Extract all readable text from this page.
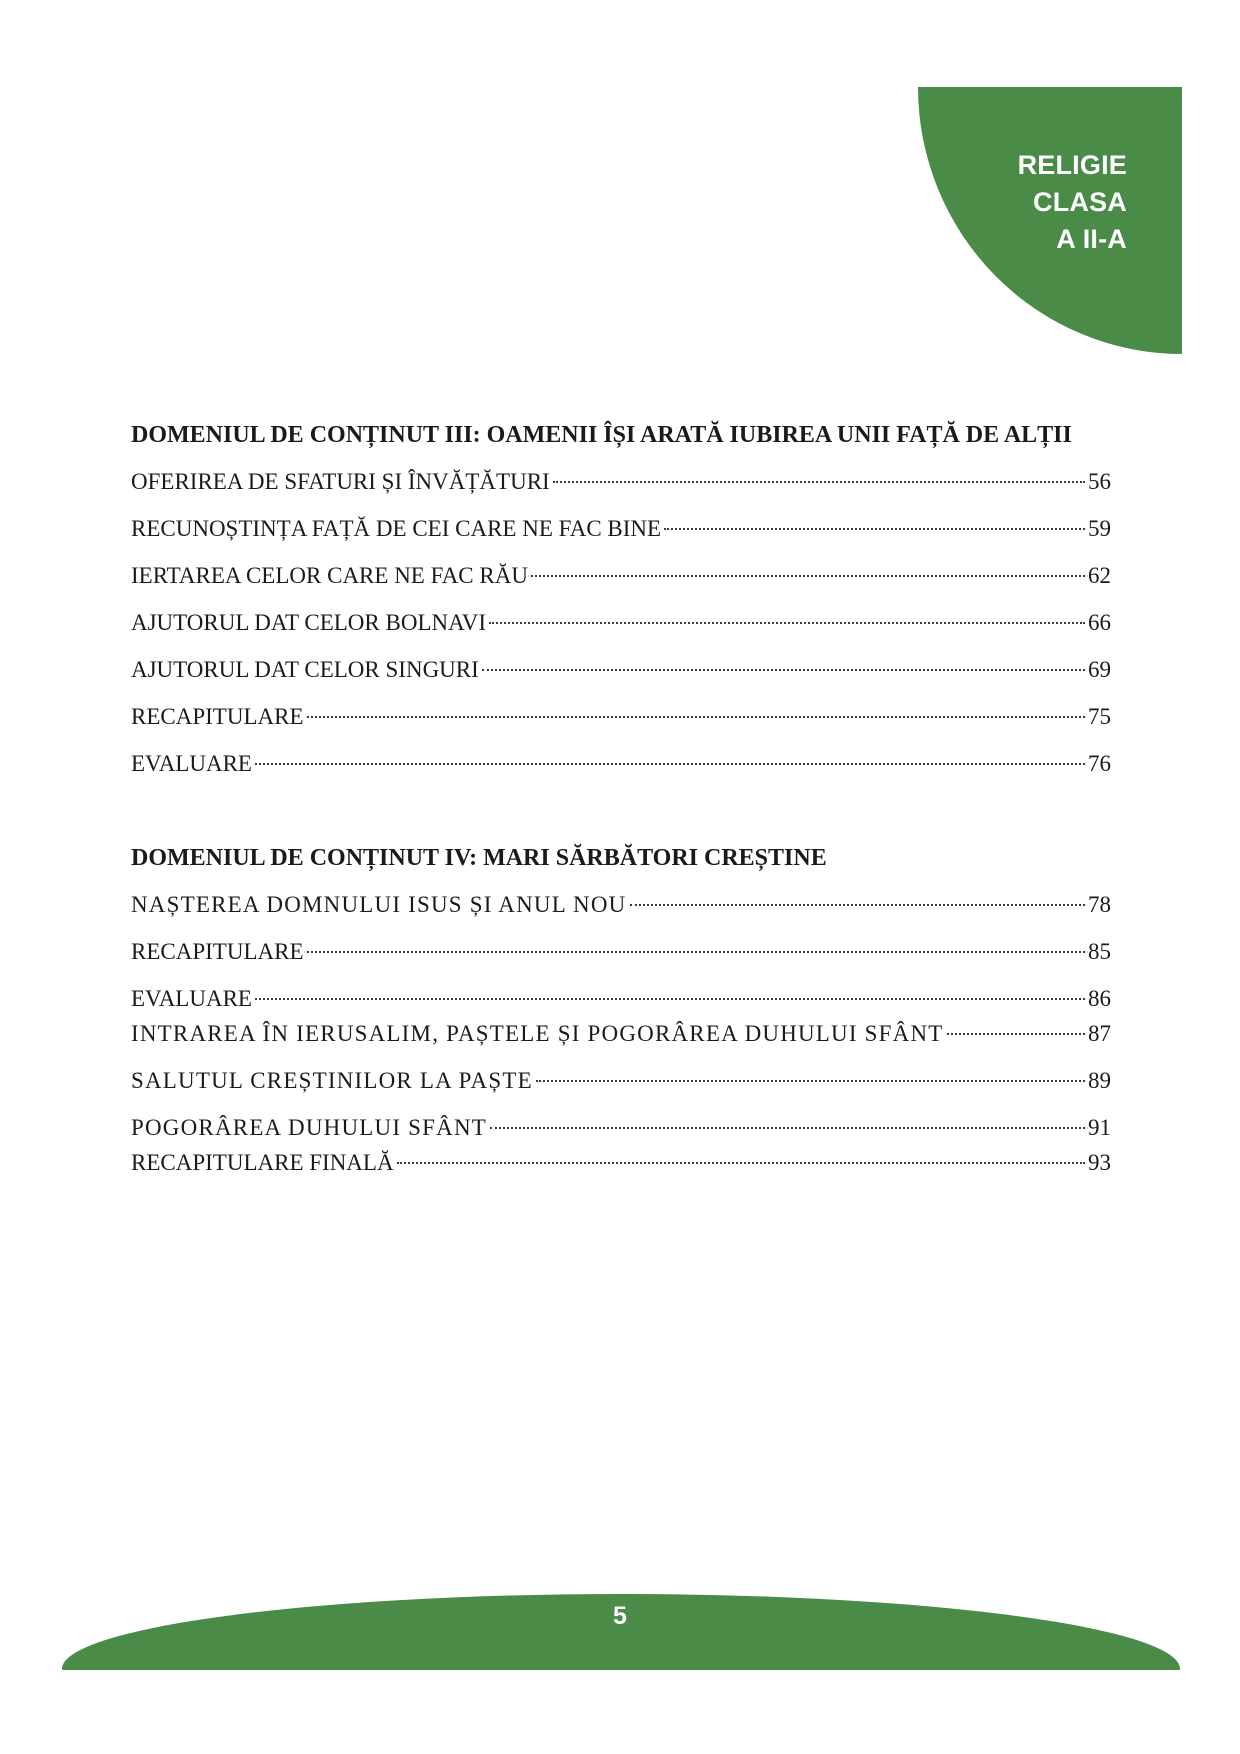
RELIGIE
CLASA
A II-A
DOMENIUL DE CONȚINUT III: OAMENII ÎȘI ARATĂ IUBIREA UNII FAȚĂ DE ALȚII
OFERIREA DE SFATURI ȘI ÎNVĂȚĂTURI	56
RECUNOȘTINȚA FAȚĂ DE CEI CARE NE FAC BINE	59
IERTAREA CELOR CARE NE FAC RĂU	62
AJUTORUL DAT CELOR BOLNAVI	66
AJUTORUL DAT CELOR SINGURI	69
RECAPITULARE	75
EVALUARE	76
DOMENIUL DE CONȚINUT IV: MARI SĂRBĂTORI CREȘTINE
NAȘTEREA DOMNULUI ISUS ȘI ANUL NOU	78
RECAPITULARE	85
EVALUARE	86
INTRAREA ÎN IERUSALIM, PAȘTELE ȘI POGORÂREA DUHULUI SFÂNT	87
SALUTUL CREȘTINILOR LA PAȘTE	89
POGORÂREA DUHULUI SFÂNT	91
RECAPITULARE FINALĂ	93
5
